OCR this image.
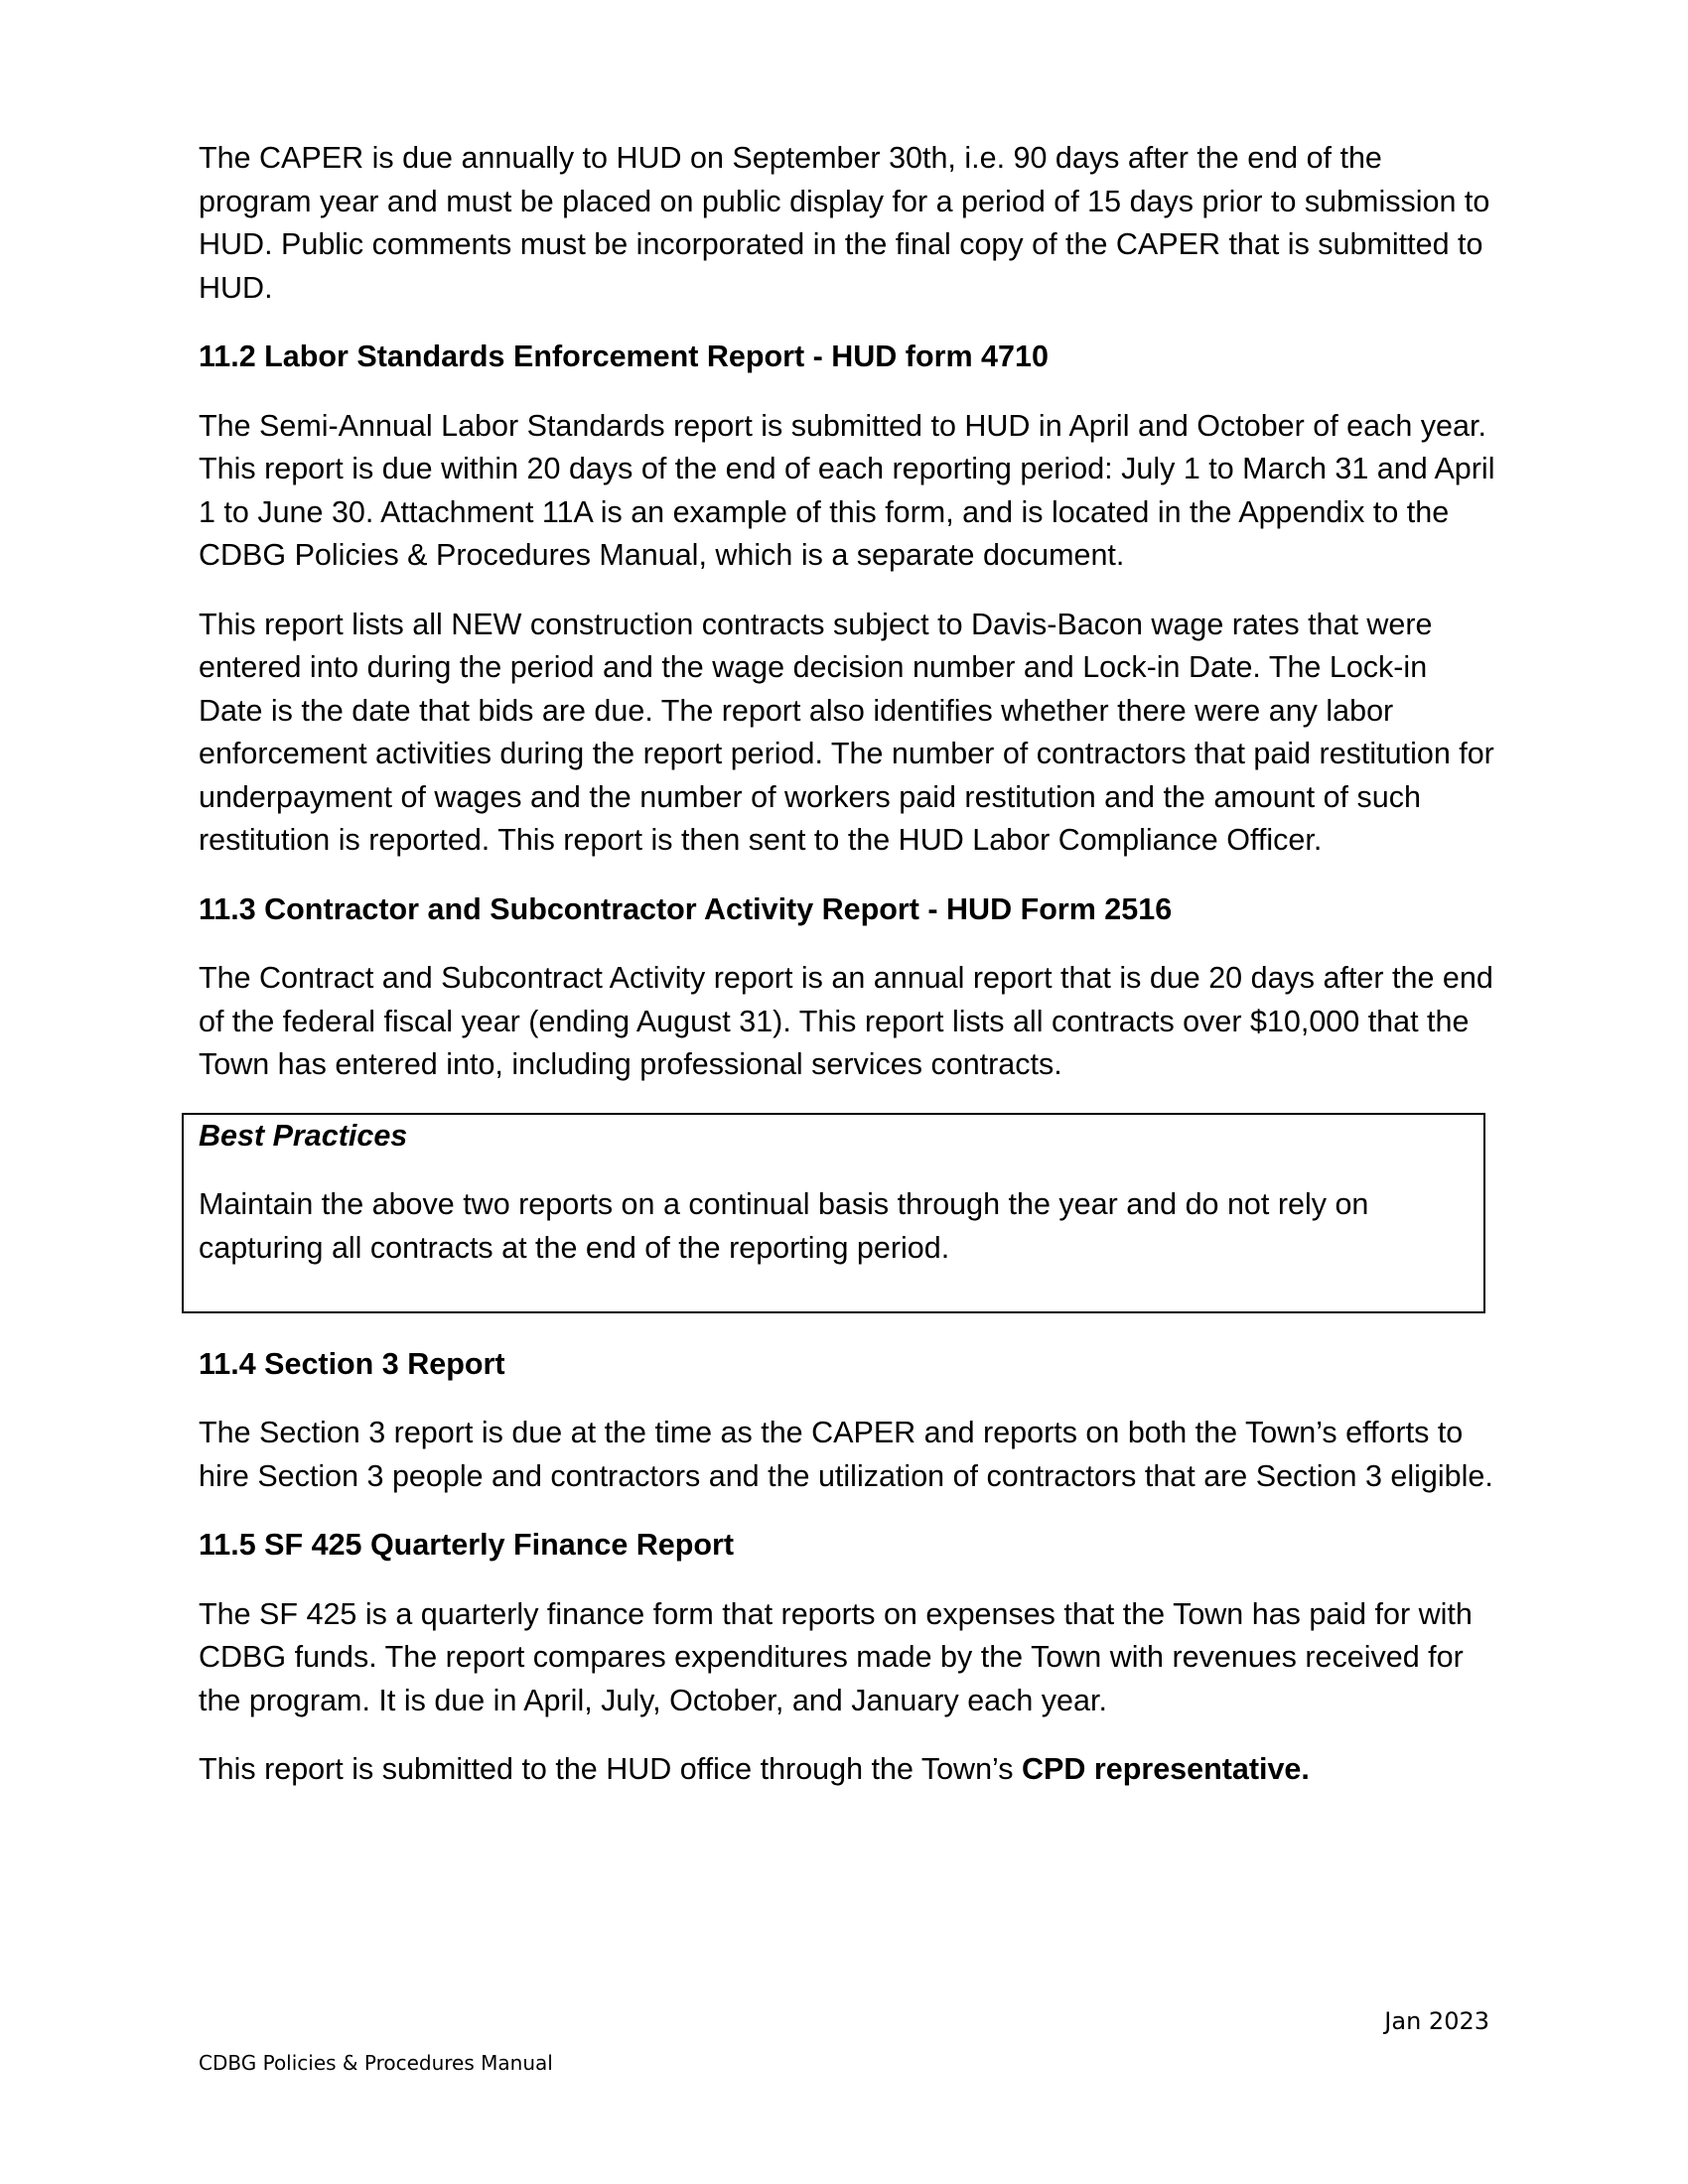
The CAPER is due annually to HUD on September 30th, i.e. 90 days after the end of the program year and must be placed on public display for a period of 15 days prior to submission to HUD. Public comments must be incorporated in the final copy of the CAPER that is submitted to HUD.

11.2 Labor Standards Enforcement Report - HUD form 4710

The Semi-Annual Labor Standards report is submitted to HUD in April and October of each year. This report is due within 20 days of the end of each reporting period: July 1 to March 31 and April 1 to June 30. Attachment 11A is an example of this form, and is located in the Appendix to the CDBG Policies & Procedures Manual, which is a separate document.

This report lists all NEW construction contracts subject to Davis-Bacon wage rates that were entered into during the period and the wage decision number and Lock-in Date. The Lock-in Date is the date that bids are due. The report also identifies whether there were any labor enforcement activities during the report period. The number of contractors that paid restitution for underpayment of wages and the number of workers paid restitution and the amount of such restitution is reported. This report is then sent to the HUD Labor Compliance Officer.

11.3 Contractor and Subcontractor Activity Report - HUD Form 2516

The Contract and Subcontract Activity report is an annual report that is due 20 days after the end of the federal fiscal year (ending August 31). This report lists all contracts over $10,000 that the Town has entered into, including professional services contracts.

Best Practices

Maintain the above two reports on a continual basis through the year and do not rely on capturing all contracts at the end of the reporting period.

11.4 Section 3 Report

The Section 3 report is due at the time as the CAPER and reports on both the Town’s efforts to hire Section 3 people and contractors and the utilization of contractors that are Section 3 eligible.

11.5 SF 425 Quarterly Finance Report

The SF 425 is a quarterly finance form that reports on expenses that the Town has paid for with CDBG funds. The report compares expenditures made by the Town with revenues received for the program. It is due in April, July, October, and January each year.

This report is submitted to the HUD office through the Town’s CPD representative.

Jan 2023
CDBG Policies & Procedures Manual
